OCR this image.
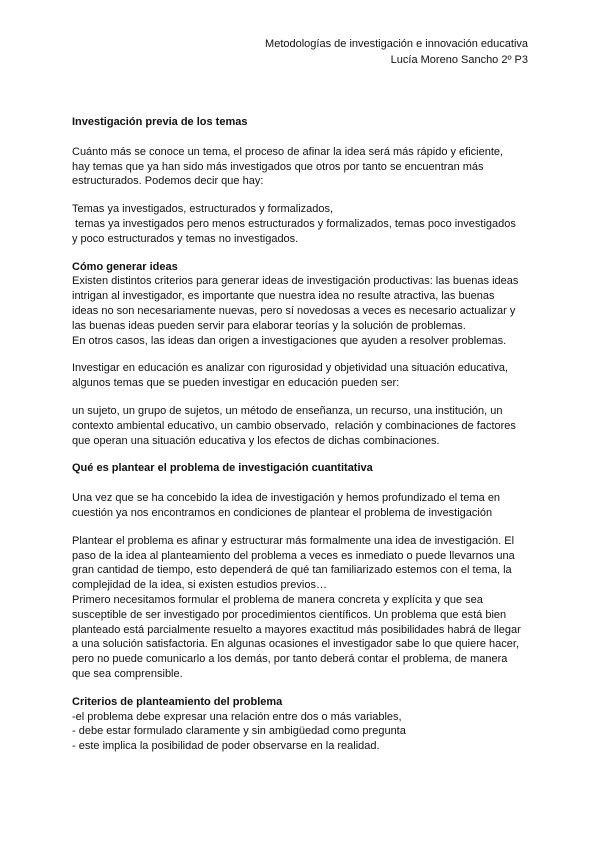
Metodologías de investigación e innovación educativa
Lucía Moreno Sancho 2º P3

Investigación previa de los temas

Cuánto más se conoce un tema, el proceso de afinar la idea será más rápido y eficiente,
hay temas que ya han sido más investigados que otros por tanto se encuentran más
estructurados. Podemos decir que hay:

Temas ya investigados, estructurados y formalizados,
temas ya investigados pero menos estructurados y formalizados, temas poco investigados
y poco estructurados y temas no investigados.

Cómo generar ideas

Existen distintos criterios para generar ideas de investigación productivas: las buenas ideas
intrigan al investigador, es importante que nuestra idea no resulte atractiva, las buenas
ideas no son necesariamente nuevas, pero sí novedosas a veces es necesario actualizar y
las buenas ideas pueden servir para elaborar teorías y la solución de problemas.
En otros casos, las ideas dan origen a investigaciones que ayuden a resolver problemas.

Investigar en educación es analizar con rigurosidad y objetividad una situación educativa,
algunos temas que se pueden investigar en educación pueden ser:

un sujeto, un grupo de sujetos, un método de enseñanza, un recurso, una institución, un
contexto ambiental educativo, un cambio observado,  relación y combinaciones de factores
que operan una situación educativa y los efectos de dichas combinaciones.

Qué es plantear el problema de investigación cuantitativa

Una vez que se ha concebido la idea de investigación y hemos profundizado el tema en
cuestión ya nos encontramos en condiciones de plantear el problema de investigación

Plantear el problema es afinar y estructurar más formalmente una idea de investigación. El
paso de la idea al planteamiento del problema a veces es inmediato o puede llevarnos una
gran cantidad de tiempo, esto dependerá de qué tan familiarizado estemos con el tema, la
complejidad de la idea, si existen estudios previos…
Primero necesitamos formular el problema de manera concreta y explícita y que sea
susceptible de ser investigado por procedimientos científicos. Un problema que está bien
planteado está parcialmente resuelto a mayores exactitud más posibilidades habrá de llegar
a una solución satisfactoria. En algunas ocasiones el investigador sabe lo que quiere hacer,
pero no puede comunicarlo a los demás, por tanto deberá contar el problema, de manera
que sea comprensible.

Criterios de planteamiento del problema

-el problema debe expresar una relación entre dos o más variables,
- debe estar formulado claramente y sin ambigüedad como pregunta
- este implica la posibilidad de poder observarse en la realidad.
